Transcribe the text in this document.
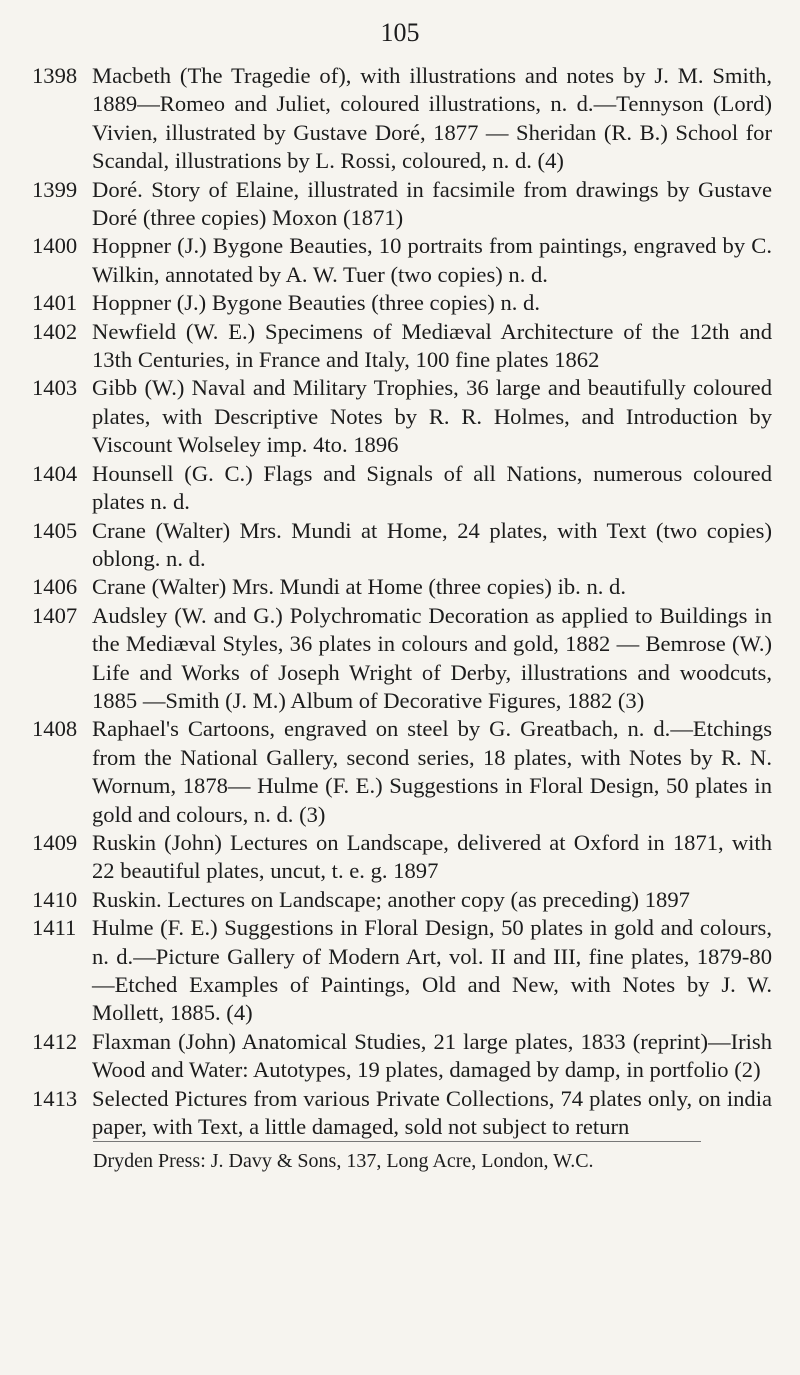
105
1398 Macbeth (The Tragedie of), with illustrations and notes by J. M. Smith, 1889—Romeo and Juliet, coloured illustrations, n. d.—Tennyson (Lord) Vivien, illustrated by Gustave Doré, 1877 — Sheridan (R. B.) School for Scandal, illustrations by L. Rossi, coloured, n. d. (4)
1399 Doré. Story of Elaine, illustrated in facsimile from drawings by Gustave Doré (three copies) Moxon (1871)
1400 Hoppner (J.) Bygone Beauties, 10 portraits from paintings, engraved by C. Wilkin, annotated by A. W. Tuer (two copies) n. d.
1401 Hoppner (J.) Bygone Beauties (three copies) n. d.
1402 Newfield (W. E.) Specimens of Mediæval Architecture of the 12th and 13th Centuries, in France and Italy, 100 fine plates 1862
1403 Gibb (W.) Naval and Military Trophies, 36 large and beautifully coloured plates, with Descriptive Notes by R. R. Holmes, and Introduction by Viscount Wolseley imp. 4to. 1896
1404 Hounsell (G. C.) Flags and Signals of all Nations, numerous coloured plates n. d.
1405 Crane (Walter) Mrs. Mundi at Home, 24 plates, with Text (two copies) oblong. n. d.
1406 Crane (Walter) Mrs. Mundi at Home (three copies) ib. n. d.
1407 Audsley (W. and G.) Polychromatic Decoration as applied to Buildings in the Mediæval Styles, 36 plates in colours and gold, 1882 — Bemrose (W.) Life and Works of Joseph Wright of Derby, illustrations and woodcuts, 1885 —Smith (J. M.) Album of Decorative Figures, 1882 (3)
1408 Raphael's Cartoons, engraved on steel by G. Greatbach, n. d.—Etchings from the National Gallery, second series, 18 plates, with Notes by R. N. Wornum, 1878— Hulme (F. E.) Suggestions in Floral Design, 50 plates in gold and colours, n. d. (3)
1409 Ruskin (John) Lectures on Landscape, delivered at Oxford in 1871, with 22 beautiful plates, uncut, t. e. g. 1897
1410 Ruskin. Lectures on Landscape; another copy (as preceding) 1897
1411 Hulme (F. E.) Suggestions in Floral Design, 50 plates in gold and colours, n. d.—Picture Gallery of Modern Art, vol. II and III, fine plates, 1879-80—Etched Examples of Paintings, Old and New, with Notes by J. W. Mollett, 1885. (4)
1412 Flaxman (John) Anatomical Studies, 21 large plates, 1833 (reprint)—Irish Wood and Water: Autotypes, 19 plates, damaged by damp, in portfolio (2)
1413 Selected Pictures from various Private Collections, 74 plates only, on india paper, with Text, a little damaged, sold not subject to return
Dryden Press: J. Davy & Sons, 137, Long Acre, London, W.C.
